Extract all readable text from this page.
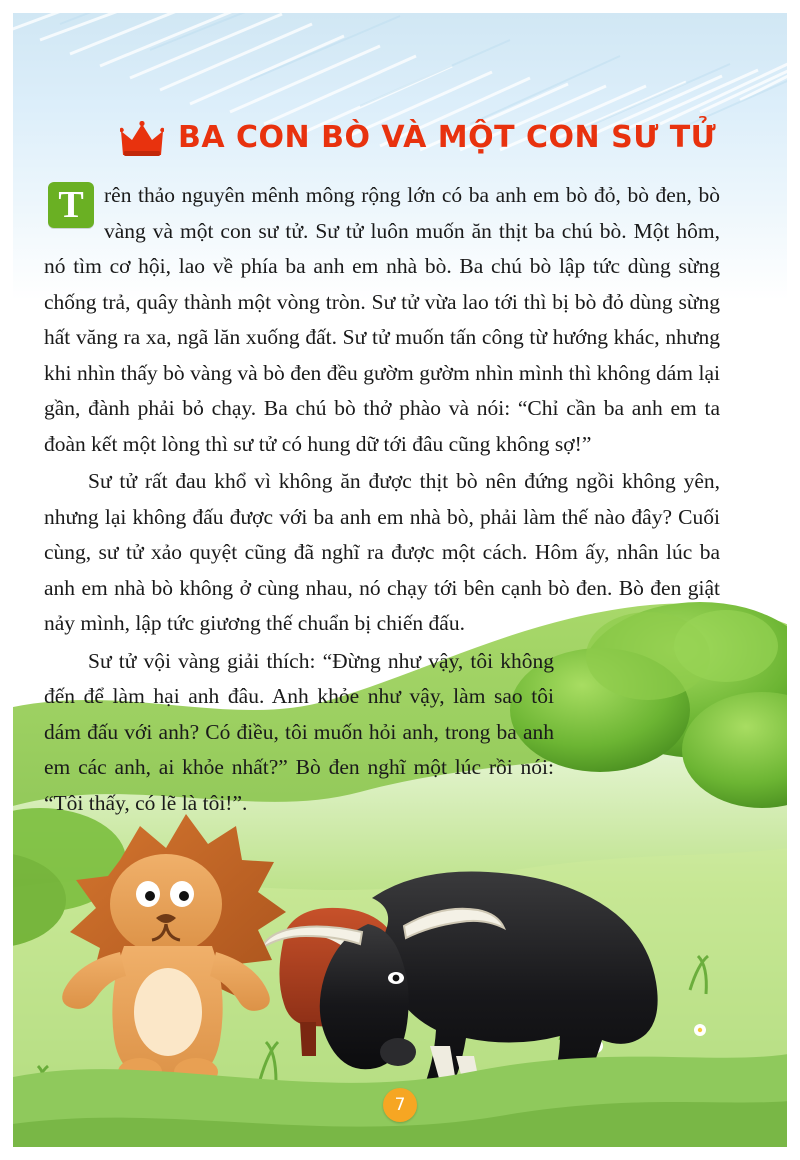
BA CON BÒ VÀ MỘT CON SƯ TỬ

T rên thảo nguyên mênh mông rộng lớn có ba anh em bò đỏ, bò đen, bò vàng và một con sư tử. Sư tử luôn muốn ăn thịt ba chú bò. Một hôm, nó tìm cơ hội, lao về phía ba anh em nhà bò. Ba chú bò lập tức dùng sừng chống trả, quây thành một vòng tròn. Sư tử vừa lao tới thì bị bò đỏ dùng sừng hất văng ra xa, ngã lăn xuống đất. Sư tử muốn tấn công từ hướng khác, nhưng khi nhìn thấy bò vàng và bò đen đều gườm gườm nhìn mình thì không dám lại gần, đành phải bỏ chạy. Ba chú bò thở phào và nói: “Chỉ cần ba anh em ta đoàn kết một lòng thì sư tử có hung dữ tới đâu cũng không sợ!”

Sư tử rất đau khổ vì không ăn được thịt bò nên đứng ngồi không yên, nhưng lại không đấu được với ba anh em nhà bò, phải làm thế nào đây? Cuối cùng, sư tử xảo quyệt cũng đã nghĩ ra được một cách. Hôm ấy, nhân lúc ba anh em nhà bò không ở cùng nhau, nó chạy tới bên cạnh bò đen. Bò đen giật nảy mình, lập tức giương thế chuẩn bị chiến đấu.

Sư tử vội vàng giải thích: “Đừng như vậy, tôi không đến để làm hại anh đâu. Anh khỏe như vậy, làm sao tôi dám đấu với anh? Có điều, tôi muốn hỏi anh, trong ba anh em các anh, ai khỏe nhất?” Bò đen nghĩ một lúc rồi nói: “Tôi thấy, có lẽ là tôi!”.

7
